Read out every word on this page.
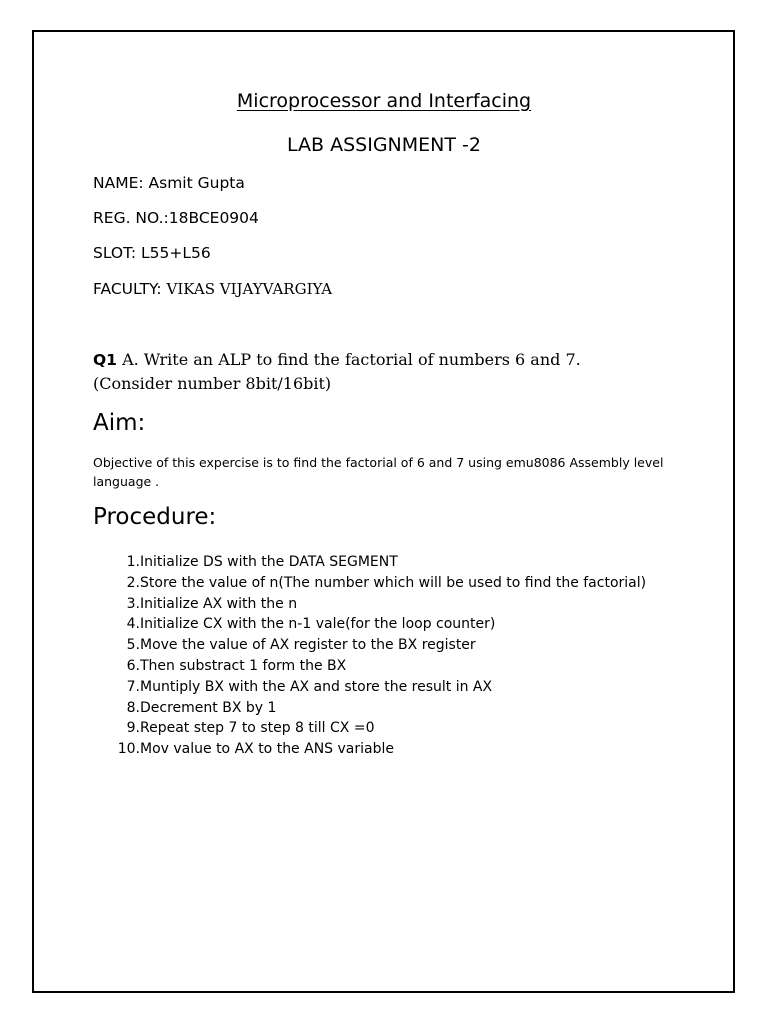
Microprocessor and Interfacing
LAB ASSIGNMENT -2
NAME: Asmit Gupta
REG. NO.:18BCE0904
SLOT: L55+L56
FACULTY: VIKAS VIJAYVARGIYA
Q1 A. Write an ALP to find the factorial of numbers 6 and 7.
(Consider number 8bit/16bit)
Aim:
Objective of this expercise is to find the factorial of 6 and 7 using emu8086 Assembly level language .
Procedure:
1. Initialize DS with the DATA SEGMENT
2. Store the value of n(The number which will be used to find the factorial)
3. Initialize AX with the n
4. Initialize CX with the n-1 vale(for the loop counter)
5. Move the value of AX register to the BX register
6. Then substract 1 form the BX
7. Muntiply BX with the AX and store the result in AX
8. Decrement BX by 1
9. Repeat step 7 to step 8 till CX =0
10. Mov value to AX to the ANS variable
